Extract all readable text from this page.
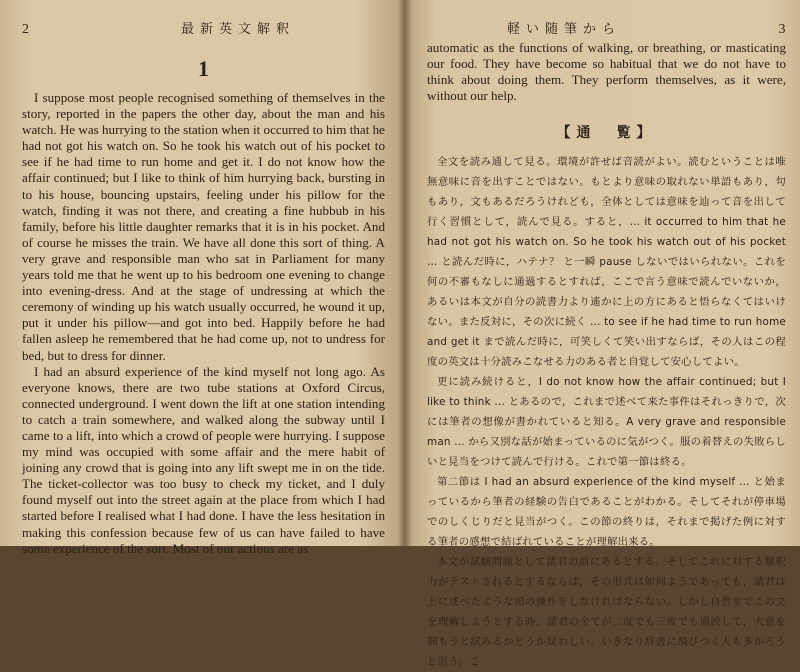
2	最新英文解釈
1

I suppose most people recognised something of themselves in the story, reported in the papers the other day, about the man and his watch. He was hurrying to the station when it occurred to him that he had not got his watch on. So he took his watch out of his pocket to see if he had time to run home and get it. I do not know how the affair continued; but I like to think of him hurrying back, bursting in to his house, bouncing upstairs, feeling under his pillow for the watch, finding it was not there, and creating a fine hubbub in his family, before his little daughter remarks that it is in his pocket. And of course he misses the train. We have all done this sort of thing. A very grave and responsible man who sat in Parliament for many years told me that he went up to his bedroom one evening to change into evening-dress. And at the stage of undressing at which the ceremony of winding up his watch usually occurred, he wound it up, put it under his pillow—and got into bed. Happily before he had fallen asleep he remembered that he had come up, not to undress for bed, but to dress for dinner.

I had an absurd experience of the kind myself not long ago. As everyone knows, there are two tube stations at Oxford Circus, connected underground. I went down the lift at one station intending to catch a train somewhere, and walked along the subway until I came to a lift, into which a crowd of people were hurrying. I suppose my mind was occupied with some affair and the mere habit of joining any crowd that is going into any lift swept me in on the tide. The ticket-collector was too busy to check my ticket, and I duly found myself out into the street again at the place from which I had started before I realised what I had done. I have the less hesitation in making this confession because few of us can have failed to have some experience of the sort. Most of our actions are as

軽い随筆から	3

automatic as the functions of walking, or breathing, or masticating our food. They have become so habitual that we do not have to think about doing them. They perform themselves, as it were, without our help.

【通　覧】

全文を読み通して見る。環境が許せば音読がよい。読むということは唯無意味に音を出すことではない。もとより意味の取れない単語もあり，句もあり，文もあるだろうけれども，全体としては意味を辿って音を出して行く習慣として，読んで見る。すると，… it occurred to him that he had not got his watch on. So he took his watch out of his pocket … と読んだ時に，ハテナ？ と一瞬 pause しないではいられない。これを何の不審もなしに通過するとすれば，ここで言う意味で読んでいないか，あるいは本文が自分の読書力より遙かに上の方にあると悟らなくてはいけない。また反対に，その次に続く … to see if he had time to run home and get it まで読んだ時に，可笑しくて笑い出すならば，その人はこの程度の英文は十分読みこなせる力のある者と自覚して安心してよい。

更に読み続けると，I do not know how the affair continued; but I like to think … とあるので，これまで述べて来た事件はそれっきりで，次には筆者の想像が書かれていると知る。A very grave and responsible man … から又別な話が始まっているのに気がつく。服の着替えの失敗らしいと見当をつけて読んで行ける。これで第一節は終る。

第二節は I had an absurd experience of the kind myself … と始まっているから筆者の経験の告白であることがわかる。そしてそれが停車場でのしくじりだと見当がつく。この節の終りは，それまで掲げた例に対する筆者の感想で結ばれていることが理解出来る。

本文が試験問題として諸君の前にあるとする。そしてこれに対する解釈力がテストされるとするならば，その形式は如何ようであっても，諸君は上に述べたような頭の操作をしなければならない。しかし自習室でこの文を理解しようとする時，諸君の全てが二度でも三度でも通読して，大意を掴もうと試みるかどうか疑わしい。いきなり辞書に飛びつく人も多かろうと思う。こ
